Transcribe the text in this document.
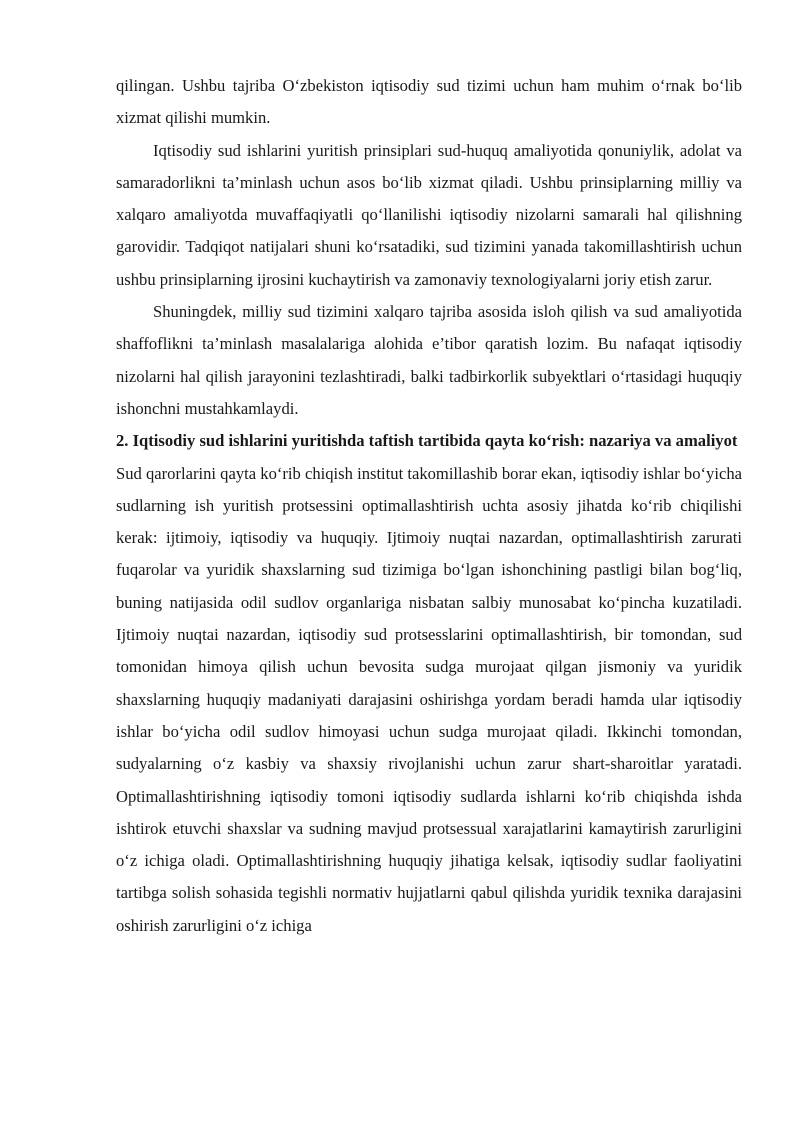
qilingan. Ushbu tajriba O‘zbekiston iqtisodiy sud tizimi uchun ham muhim o‘rnak bo‘lib xizmat qilishi mumkin.

Iqtisodiy sud ishlarini yuritish prinsiplari sud-huquq amaliyotida qonuniylik, adolat va samaradorlikni ta’minlash uchun asos bo‘lib xizmat qiladi. Ushbu prinsiplarning milliy va xalqaro amaliyotda muvaffaqiyatli qo‘llanilishi iqtisodiy nizolarni samarali hal qilishning garovidir. Tadqiqot natijalari shuni ko‘rsatadiki, sud tizimini yanada takomillashtirish uchun ushbu prinsiplarning ijrosini kuchaytirish va zamonaviy texnologiyalarni joriy etish zarur.

Shuningdek, milliy sud tizimini xalqaro tajriba asosida isloh qilish va sud amaliyotida shaffoflikni ta’minlash masalalariga alohida e’tibor qaratish lozim. Bu nafaqat iqtisodiy nizolarni hal qilish jarayonini tezlashtiradi, balki tadbirkorlik subyektlari o‘rtasidagi huquqiy ishonchni mustahkamlaydi.

2. Iqtisodiy sud ishlarini yuritishda taftish tartibida qayta ko‘rish: nazariya va amaliyot

Sud qarorlarini qayta ko‘rib chiqish institut takomillashib borar ekan, iqtisodiy ishlar bo‘yicha sudlarning ish yuritish protsessini optimallashtirish uchta asosiy jihatda ko‘rib chiqilishi kerak: ijtimoiy, iqtisodiy va huquqiy. Ijtimoiy nuqtai nazardan, optimallashtirish zarurati fuqarolar va yuridik shaxslarning sud tizimiga bo‘lgan ishonchining pastligi bilan bog‘liq, buning natijasida odil sudlov organlariga nisbatan salbiy munosabat ko‘pincha kuzatiladi. Ijtimoiy nuqtai nazardan, iqtisodiy sud protsesslarini optimallashtirish, bir tomondan, sud tomonidan himoya qilish uchun bevosita sudga murojaat qilgan jismoniy va yuridik shaxslarning huquqiy madaniyati darajasini oshirishga yordam beradi hamda ular iqtisodiy ishlar bo‘yicha odil sudlov himoyasi uchun sudga murojaat qiladi. Ikkinchi tomondan, sudyalarning o‘z kasbiy va shaxsiy rivojlanishi uchun zarur shart-sharoitlar yaratadi. Optimallashtirishning iqtisodiy tomoni iqtisodiy sudlarda ishlarni ko‘rib chiqishda ishda ishtirok etuvchi shaxslar va sudning mavjud protsessual xarajatlarini kamaytirish zarurligini o‘z ichiga oladi. Optimallashtirishning huquqiy jihatiga kelsak, iqtisodiy sudlar faoliyatini tartibga solish sohasida tegishli normativ hujjatlarni qabul qilishda yuridik texnika darajasini oshirish zarurligini o‘z ichiga
